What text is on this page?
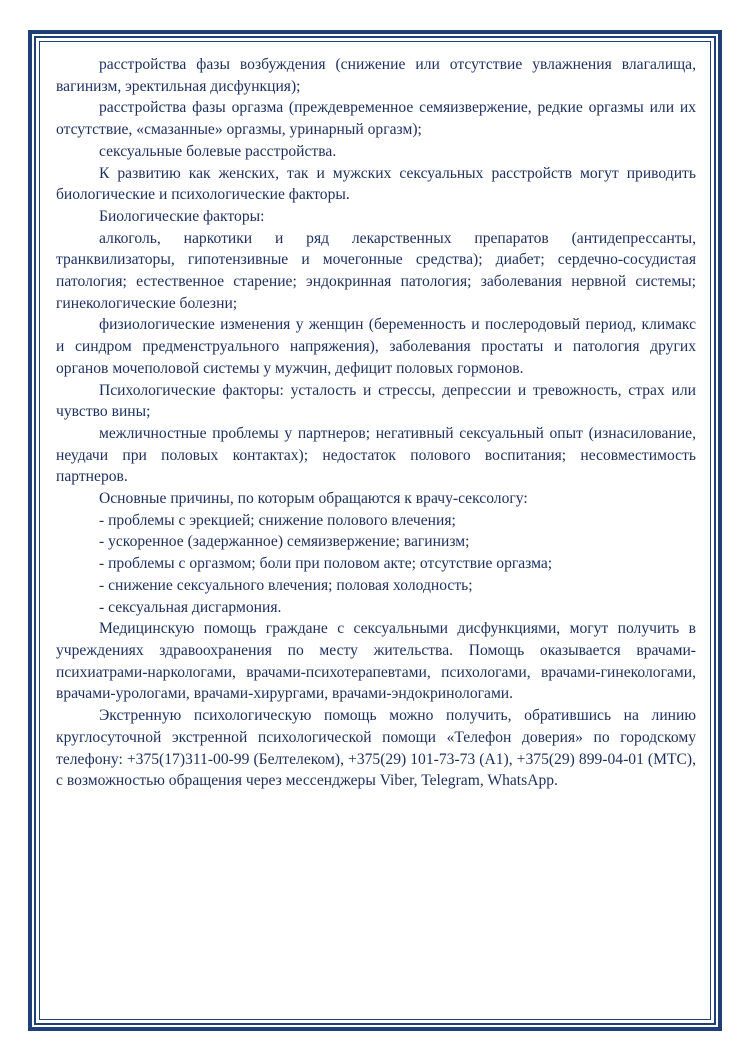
расстройства фазы возбуждения (снижение или отсутствие увлажнения влагалища, вагинизм, эректильная дисфункция);

расстройства фазы оргазма (преждевременное семяизвержение, редкие оргазмы или их отсутствие, «смазанные» оргазмы, уринарный оргазм);

сексуальные болевые расстройства.

К развитию как женских, так и мужских сексуальных расстройств могут приводить биологические и психологические факторы.

Биологические факторы:

алкоголь, наркотики и ряд лекарственных препаратов (антидепрессанты, транквилизаторы, гипотензивные и мочегонные средства); диабет; сердечно-сосудистая патология; естественное старение; эндокринная патология; заболевания нервной системы; гинекологические болезни;

физиологические изменения у женщин (беременность и послеродовый период, климакс и синдром предменструального напряжения), заболевания простаты и патология других органов мочеполовой системы у мужчин, дефицит половых гормонов.

Психологические факторы: усталость и стрессы, депрессии и тревожность, страх или чувство вины;

межличностные проблемы у партнеров; негативный сексуальный опыт (изнасилование, неудачи при половых контактах); недостаток полового воспитания; несовместимость партнеров.

Основные причины, по которым обращаются к врачу-сексологу:

- проблемы с эрекцией; снижение полового влечения;

- ускоренное (задержанное) семяизвержение; вагинизм;

- проблемы с оргазмом; боли при половом акте; отсутствие оргазма;

- снижение сексуального влечения; половая холодность;

- сексуальная дисгармония.

Медицинскую помощь граждане с сексуальными дисфункциями, могут получить в учреждениях здравоохранения по месту жительства. Помощь оказывается врачами-психиатрами-наркологами, врачами-психотерапевтами, психологами, врачами-гинекологами, врачами-урологами, врачами-хирургами, врачами-эндокринологами.

Экстренную психологическую помощь можно получить, обратившись на линию круглосуточной экстренной психологической помощи «Телефон доверия» по городскому телефону: +375(17)311-00-99 (Белтелеком), +375(29) 101-73-73 (А1), +375(29) 899-04-01 (МТС), с возможностью обращения через мессенджеры Viber, Telegram, WhatsApp.
